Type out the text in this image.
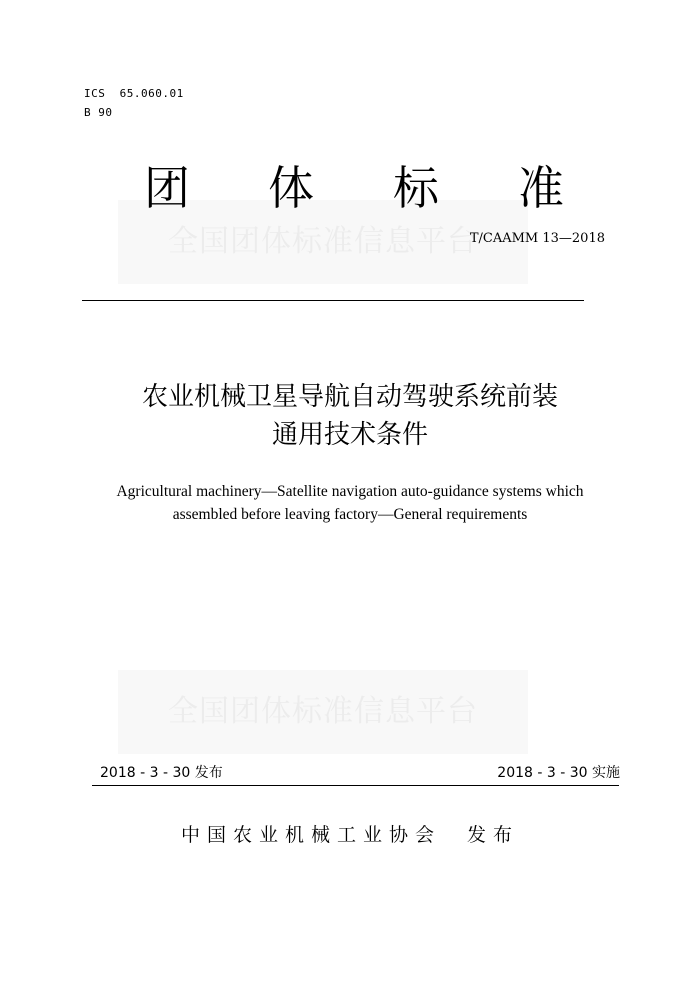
ICS  65.060.01
B 90
全国团体标准信息平台
团 体 标 准
T/CAAMM 13—2018
农业机械卫星导航自动驾驶系统前装
通用技术条件
Agricultural machinery—Satellite navigation auto-guidance systems which
assembled before leaving factory—General requirements
全国团体标准信息平台
2018 - 3 - 30 发布	2018 - 3 - 30 实施
中国农业机械工业协会  发布
